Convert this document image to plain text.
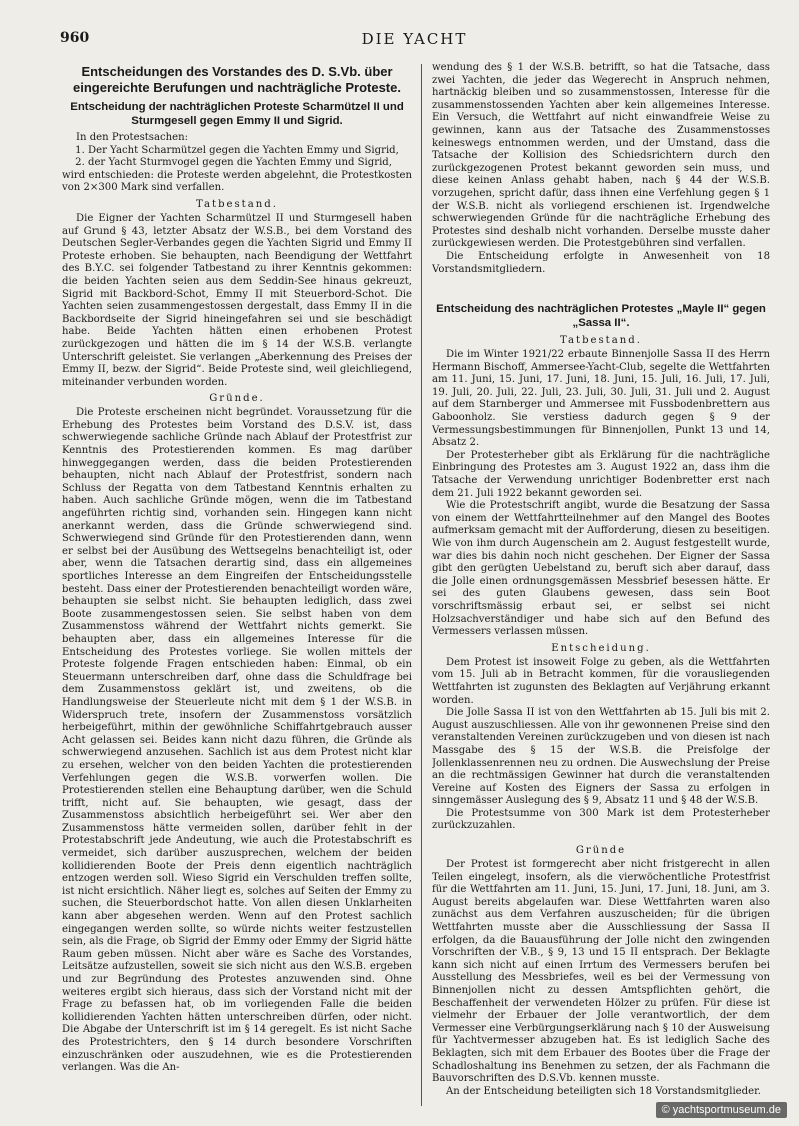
960	DIE YACHT
Entscheidungen des Vorstandes des D. S.Vb. über eingereichte Berufungen und nachträgliche Proteste.
Entscheidung der nachträglichen Proteste Scharmützel II und Sturmgesell gegen Emmy II und Sigrid.

In den Protestsachen:

1. Der Yacht Scharmützel gegen die Yachten Emmy und Sigrid,
2. der Yacht Sturmvogel gegen die Yachten Emmy und Sigrid,

wird entschieden: die Proteste werden abgelehnt, die Protestkosten von 2×300 Mark sind verfallen.

Tatbestand.

Die Eigner der Yachten Scharmützel II und Sturmgesell haben auf Grund § 43, letzter Absatz der W.S.B., bei dem Vorstand des Deutschen Segler-Verbandes gegen die Yachten Sigrid und Emmy II Proteste erhoben. Sie behaupten, nach Beendigung der Wettfahrt des B.Y.C. sei folgender Tatbestand zu ihrer Kenntnis gekommen: die beiden Yachten seien aus dem Seddin-See hinaus gekreuzt, Sigrid mit Backbord-Schot, Emmy II mit Steuerbord-Schot. Die Yachten seien zusammengestossen dergestalt, dass Emmy II in die Backbordseite der Sigrid hineingefahren sei und sie beschädigt habe. Beide Yachten hätten einen erhobenen Protest zurückgezogen und hätten die im § 14 der W.S.B. verlangte Unterschrift geleistet. Sie verlangen „Aberkennung des Preises der Emmy II, bezw. der Sigrid“. Beide Proteste sind, weil gleichliegend, miteinander verbunden worden.

Gründe.

Die Proteste erscheinen nicht begründet. Voraussetzung für die Erhebung des Protestes beim Vorstand des D.S.V. ist, dass schwerwiegende sachliche Gründe nach Ablauf der Protestfrist zur Kenntnis des Protestierenden kommen. Es mag darüber hinweggegangen werden, dass die beiden Protestierenden behaupten, nicht nach Ablauf der Protestfrist, sondern nach Schluss der Regatta von dem Tatbestand Kenntnis erhalten zu haben. Auch sachliche Gründe mögen, wenn die im Tatbestand angeführten richtig sind, vorhanden sein. Hingegen kann nicht anerkannt werden, dass die Gründe schwerwiegend sind. Schwerwiegend sind Gründe für den Protestierenden dann, wenn er selbst bei der Ausübung des Wettsegelns benachteiligt ist, oder aber, wenn die Tatsachen derartig sind, dass ein allgemeines sportliches Interesse an dem Eingreifen der Entscheidungsstelle besteht. Dass einer der Protestierenden benachteiligt worden wäre, behaupten sie selbst nicht. Sie behaupten lediglich, dass zwei Boote zusammengestossen seien. Sie selbst haben von dem Zusammenstoss während der Wettfahrt nichts gemerkt. Sie behaupten aber, dass ein allgemeines Interesse für die Entscheidung des Protestes vorliege. Sie wollen mittels der Proteste folgende Fragen entschieden haben: Einmal, ob ein Steuermann unterschreiben darf, ohne dass die Schuldfrage bei dem Zusammenstoss geklärt ist, und zweitens, ob die Handlungsweise der Steuerleute nicht mit dem § 1 der W.S.B. in Widerspruch trete, insofern der Zusammenstoss vorsätzlich herbeigeführt, mithin der gewöhnliche Schiffahrtgebrauch ausser Acht gelassen sei. Beides kann nicht dazu führen, die Gründe als schwerwiegend anzusehen. Sachlich ist aus dem Protest nicht klar zu ersehen, welcher von den beiden Yachten die protestierenden Verfehlungen gegen die W.S.B. vorwerfen wollen. Die Protestierenden stellen eine Behauptung darüber, wen die Schuld trifft, nicht auf. Sie behaupten, wie gesagt, dass der Zusammenstoss absichtlich herbeigeführt sei. Wer aber den Zusammenstoss hätte vermeiden sollen, darüber fehlt in der Protestabschrift jede Andeutung, wie auch die Protestabschrift es vermeidet, sich darüber auszusprechen, welchem der beiden kollidierenden Boote der Preis denn eigentlich nachträglich entzogen werden soll. Wieso Sigrid ein Verschulden treffen sollte, ist nicht ersichtlich. Näher liegt es, solches auf Seiten der Emmy zu suchen, die Steuerbordschot hatte. Von allen diesen Unklarheiten kann aber abgesehen werden. Wenn auf den Protest sachlich eingegangen werden sollte, so würde nichts weiter festzustellen sein, als die Frage, ob Sigrid der Emmy oder Emmy der Sigrid hätte Raum geben müssen. Nicht aber wäre es Sache des Vorstandes, Leitsätze aufzustellen, soweit sie sich nicht aus den W.S.B. ergeben und zur Begründung des Protestes anzuwenden sind. Ohne weiteres ergibt sich hieraus, dass sich der Vorstand nicht mit der Frage zu befassen hat, ob im vorliegenden Falle die beiden kollidierenden Yachten hätten unterschreiben dürfen, oder nicht. Die Abgabe der Unterschrift ist im § 14 geregelt. Es ist nicht Sache des Protestrichters, den § 14 durch besondere Vorschriften einzuschränken oder auszudehnen, wie es die Protestierenden verlangen. Was die An-

wendung des § 1 der W.S.B. betrifft, so hat die Tatsache, dass zwei Yachten, die jeder das Wegerecht in Anspruch nehmen, hartnäckig bleiben und so zusammenstossen, Interesse für die zusammenstossenden Yachten aber kein allgemeines Interesse. Ein Versuch, die Wettfahrt auf nicht einwandfreie Weise zu gewinnen, kann aus der Tatsache des Zusammenstosses keineswegs entnommen werden, und der Umstand, dass die Tatsache der Kollision des Schiedsrichtern durch den zurückgezogenen Protest bekannt geworden sein muss, und diese keinen Anlass gehabt haben, nach § 44 der W.S.B. vorzugehen, spricht dafür, dass ihnen eine Verfehlung gegen § 1 der W.S.B. nicht als vorliegend erschienen ist. Irgendwelche schwerwiegenden Gründe für die nachträgliche Erhebung des Protestes sind deshalb nicht vorhanden. Derselbe musste daher zurückgewiesen werden. Die Protestgebühren sind verfallen.

Die Entscheidung erfolgte in Anwesenheit von 18 Vorstandsmitgliedern.

Entscheidung des nachträglichen Protestes „Mayle II“ gegen „Sassa II“.
Tatbestand.

Die im Winter 1921/22 erbaute Binnenjolle Sassa II des Herrn Hermann Bischoff, Ammersee-Yacht-Club, segelte die Wettfahrten am 11. Juni, 15. Juni, 17. Juni, 18. Juni, 15. Juli, 16. Juli, 17. Juli, 19. Juli, 20. Juli, 22. Juli, 23. Juli, 30. Juli, 31. Juli und 2. August auf dem Starnberger und Ammersee mit Fussbodenbrettern aus Gaboonholz. Sie verstiess dadurch gegen § 9 der Vermessungsbestimmungen für Binnenjollen, Punkt 13 und 14, Absatz 2.

Der Protesterheber gibt als Erklärung für die nachträgliche Einbringung des Protestes am 3. August 1922 an, dass ihm die Tatsache der Verwendung unrichtiger Bodenbretter erst nach dem 21. Juli 1922 bekannt geworden sei.

Wie die Protestschrift angibt, wurde die Besatzung der Sassa von einem der Wettfahrtteilnehmer auf den Mangel des Bootes aufmerksam gemacht mit der Aufforderung, diesen zu beseitigen. Wie von ihm durch Augenschein am 2. August festgestellt wurde, war dies bis dahin noch nicht geschehen. Der Eigner der Sassa gibt den gerügten Uebelstand zu, beruft sich aber darauf, dass die Jolle einen ordnungsgemässen Messbrief besessen hätte. Er sei des guten Glaubens gewesen, dass sein Boot vorschriftsmässig erbaut sei, er selbst sei nicht Holzsachverständiger und habe sich auf den Befund des Vermessers verlassen müssen.

Entscheidung.

Dem Protest ist insoweit Folge zu geben, als die Wettfahrten vom 15. Juli ab in Betracht kommen, für die vorausliegenden Wettfahrten ist zugunsten des Beklagten auf Verjährung erkannt worden.

Die Jolle Sassa II ist von den Wettfahrten ab 15. Juli bis mit 2. August auszuschliessen. Alle von ihr gewonnenen Preise sind den veranstaltenden Vereinen zurückzugeben und von diesen ist nach Massgabe des § 15 der W.S.B. die Preisfolge der Jollenklassenrennen neu zu ordnen. Die Auswechslung der Preise an die rechtmässigen Gewinner hat durch die veranstaltenden Vereine auf Kosten des Eigners der Sassa zu erfolgen in sinngemässer Auslegung des § 9, Absatz 11 und § 48 der W.S.B.

Die Protestsumme von 300 Mark ist dem Protesterheber zurückzuzahlen.

Gründe

Der Protest ist formgerecht aber nicht fristgerecht in allen Teilen eingelegt, insofern, als die vierwöchentliche Protestfrist für die Wettfahrten am 11. Juni, 15. Juni, 17. Juni, 18. Juni, am 3. August bereits abgelaufen war. Diese Wettfahrten waren also zunächst aus dem Verfahren auszuscheiden; für die übrigen Wettfahrten musste aber die Ausschliessung der Sassa II erfolgen, da die Bauausführung der Jolle nicht den zwingenden Vorschriften der V.B., § 9, 13 und 15 II entsprach. Der Beklagte kann sich nicht auf einen Irrtum des Vermessers berufen bei Ausstellung des Messbriefes, weil es bei der Vermessung von Binnenjollen nicht zu dessen Amtspflichten gehört, die Beschaffenheit der verwendeten Hölzer zu prüfen. Für diese ist vielmehr der Erbauer der Jolle verantwortlich, der dem Vermesser eine Verbürgungserklärung nach § 10 der Ausweisung für Yachtvermesser abzugeben hat. Es ist lediglich Sache des Beklagten, sich mit dem Erbauer des Bootes über die Frage der Schadloshaltung ins Benehmen zu setzen, der als Fachmann die Bauvorschriften des D.S.Vb. kennen musste.

An der Entscheidung beteiligten sich 18 Vorstandsmitglieder.

© yachtsportmuseum.de
